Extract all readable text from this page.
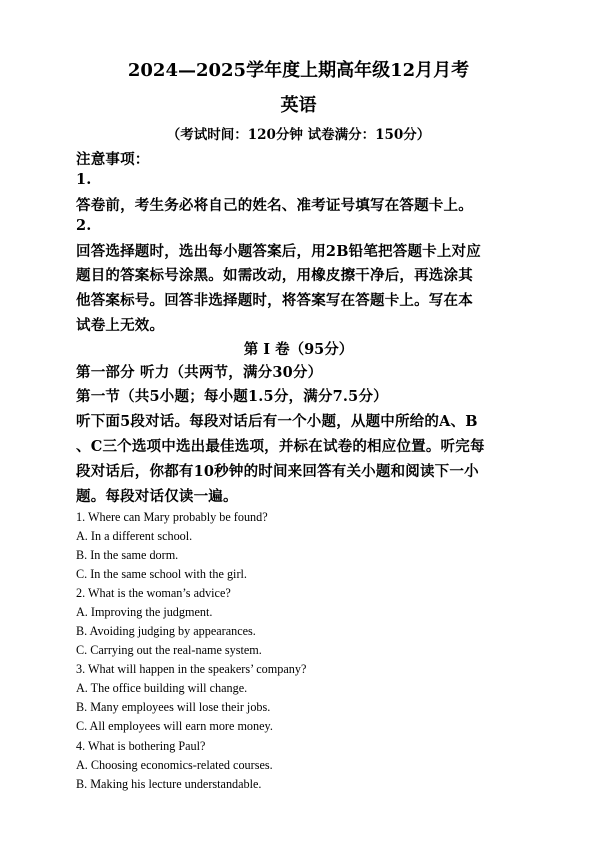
2024—2025学年度上期高年级12月月考
英语
（考试时间：120分钟 试卷满分：150分）
注意事项：
1.
答卷前，考生务必将自己的姓名、准考证号填写在答题卡上。
2.
回答选择题时，选出每小题答案后，用2B铅笔把答题卡上对应
题目的答案标号涂黑。如需改动，用橡皮擦干净后，再选涂其
他答案标号。回答非选择题时，将答案写在答题卡上。写在本
试卷上无效。
第 I 卷（95分）
第一部分 听力（共两节，满分30分）
第一节（共5小题；每小题1.5分，满分7.5分）
听下面5段对话。每段对话后有一个小题，从题中所给的A、B
、C三个选项中选出最佳选项，并标在试卷的相应位置。听完每
段对话后，你都有10秒钟的时间来回答有关小题和阅读下一小
题。每段对话仅读一遍。
1. Where can Mary probably be found?
A. In a different school.
B. In the same dorm.
C. In the same school with the girl.
2. What is the woman’s advice?
A. Improving the judgment.
B. Avoiding judging by appearances.
C. Carrying out the real-name system.
3. What will happen in the speakers’ company?
A. The office building will change.
B. Many employees will lose their jobs.
C. All employees will earn more money.
4. What is bothering Paul?
A. Choosing economics-related courses.
B. Making his lecture understandable.
